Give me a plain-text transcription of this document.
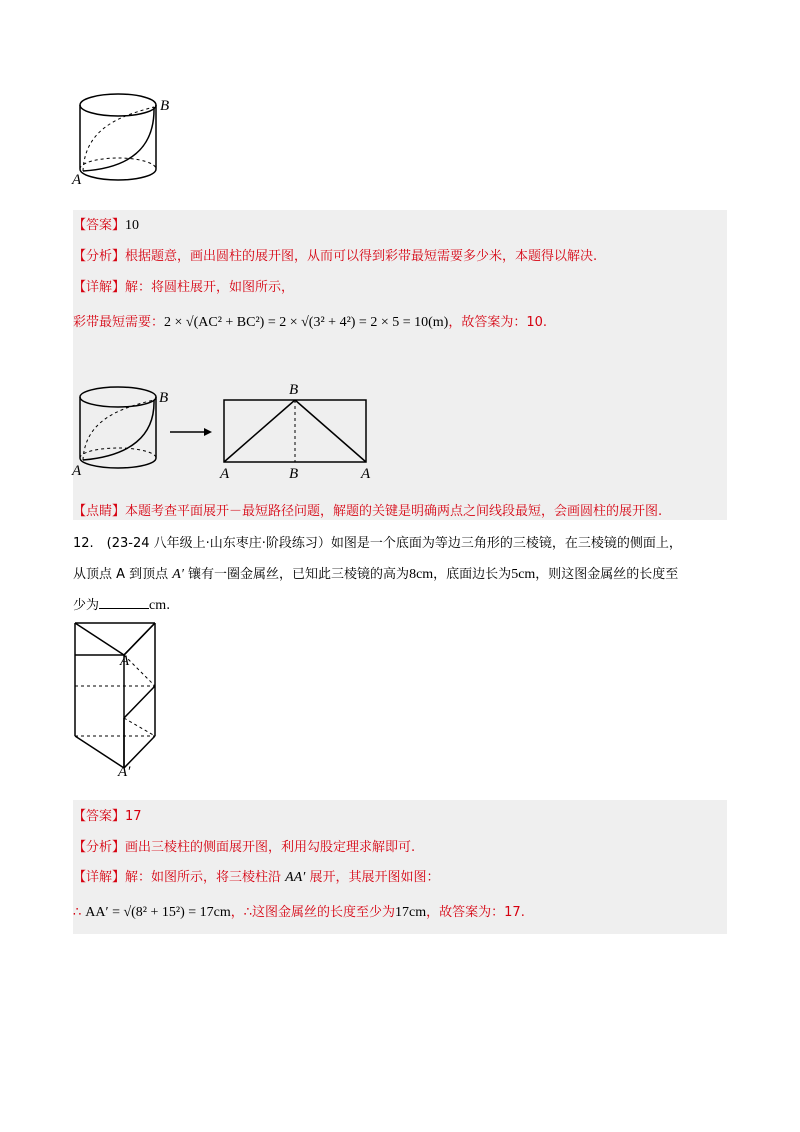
B
A
【答案】10
【分析】根据题意，画出圆柱的展开图，从而可以得到彩带最短需要多少米，本题得以解决.
【详解】解：将圆柱展开，如图所示，
彩带最短需要：2 × √(AC² + BC²) = 2 × √(3² + 4²) = 2 × 5 = 10(m)，故答案为：10.
B
A
B
A	B	A
【点睛】本题考查平面展开－最短路径问题，解题的关键是明确两点之间线段最短，会画圆柱的展开图.
12.　(23-24 八年级上·山东枣庄·阶段练习）如图是一个底面为等边三角形的三棱镜，在三棱镜的侧面上，
从顶点 A 到顶点 A′ 镶有一圈金属丝，已知此三棱镜的高为8cm，底面边长为5cm，则这图金属丝的长度至
少为	cm.
A
A′
【答案】17
【分析】画出三棱柱的侧面展开图，利用勾股定理求解即可.
【详解】解：如图所示，将三棱柱沿 AA′ 展开，其展开图如图：
∴ AA′ = √(8² + 15²) = 17cm，∴这图金属丝的长度至少为17cm，故答案为：17.
